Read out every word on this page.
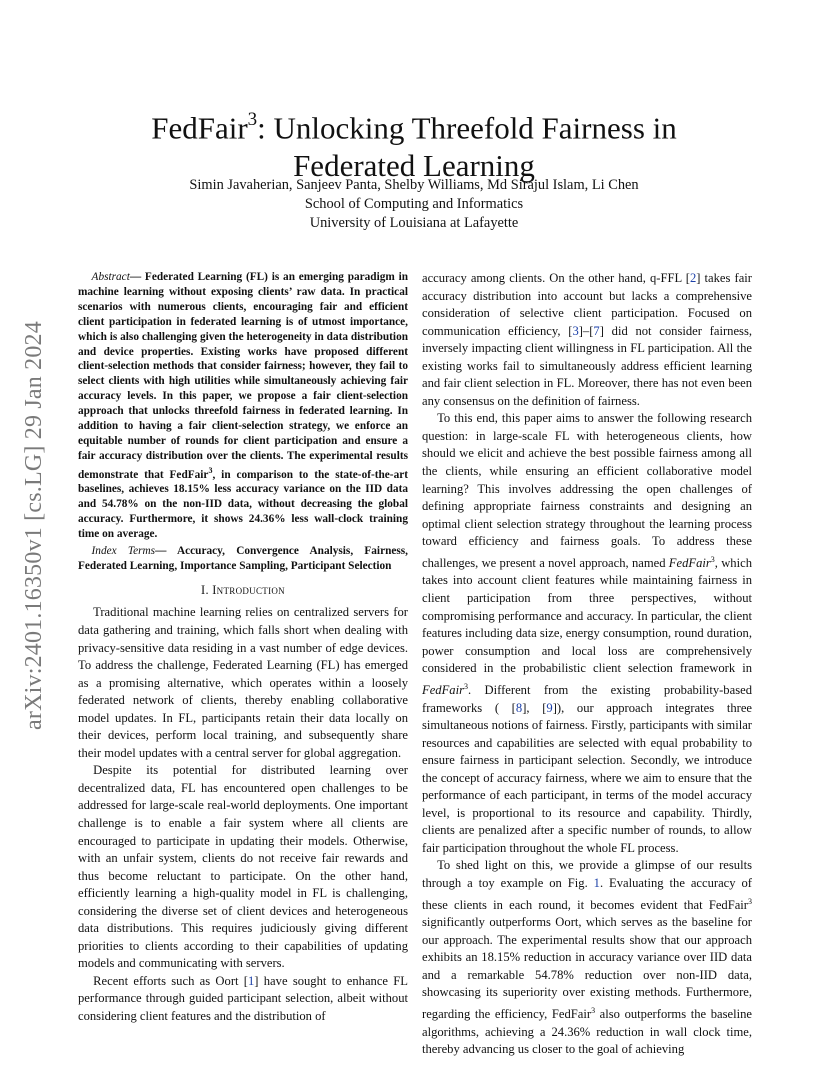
arXiv:2401.16350v1 [cs.LG] 29 Jan 2024
FedFair$^3$: Unlocking Threefold Fairness in
Federated Learning
Simin Javaherian, Sanjeev Panta, Shelby Williams, Md Sirajul Islam, Li Chen
School of Computing and Informatics
University of Louisiana at Lafayette

Abstract— Federated Learning (FL) is an emerging paradigm in machine learning without exposing clients’ raw data. In practical scenarios with numerous clients, encouraging fair and efficient client participation in federated learning is of utmost importance, which is also challenging given the heterogeneity in data distribution and device properties. Existing works have proposed different client-selection methods that consider fairness; however, they fail to select clients with high utilities while simultaneously achieving fair accuracy levels. In this paper, we propose a fair client-selection approach that unlocks threefold fairness in federated learning. In addition to having a fair client-selection strategy, we enforce an equitable number of rounds for client participation and ensure a fair accuracy distribution over the clients. The experimental results demonstrate that FedFair$^3$, in comparison to the state-of-the-art baselines, achieves 18.15% less accuracy variance on the IID data and 54.78% on the non-IID data, without decreasing the global accuracy. Furthermore, it shows 24.36% less wall-clock training time on average.

Index Terms— Accuracy, Convergence Analysis, Fairness, Federated Learning, Importance Sampling, Participant Selection

I. Introduction

Traditional machine learning relies on centralized servers for data gathering and training, which falls short when dealing with privacy-sensitive data residing in a vast number of edge devices. To address the challenge, Federated Learning (FL) has emerged as a promising alternative, which operates within a loosely federated network of clients, thereby enabling collaborative model updates. In FL, participants retain their data locally on their devices, perform local training, and subsequently share their model updates with a central server for global aggregation.

Despite its potential for distributed learning over decentralized data, FL has encountered open challenges to be addressed for large-scale real-world deployments. One important challenge is to enable a fair system where all clients are encouraged to participate in updating their models. Otherwise, with an unfair system, clients do not receive fair rewards and thus become reluctant to participate. On the other hand, efficiently learning a high-quality model in FL is challenging, considering the diverse set of client devices and heterogeneous data distributions. This requires judiciously giving different priorities to clients according to their capabilities of updating models and communicating with servers.

Recent efforts such as Oort [1] have sought to enhance FL performance through guided participant selection, albeit without considering client features and the distribution of

accuracy among clients. On the other hand, q-FFL [2] takes fair accuracy distribution into account but lacks a comprehensive consideration of selective client participation. Focused on communication efficiency, [3]–[7] did not consider fairness, inversely impacting client willingness in FL participation. All the existing works fail to simultaneously address efficient learning and fair client selection in FL. Moreover, there has not even been any consensus on the definition of fairness.

To this end, this paper aims to answer the following research question: in large-scale FL with heterogeneous clients, how should we elicit and achieve the best possible fairness among all the clients, while ensuring an efficient collaborative model learning? This involves addressing the open challenges of defining appropriate fairness constraints and designing an optimal client selection strategy throughout the learning process toward efficiency and fairness goals. To address these challenges, we present a novel approach, named FedFair$^3$, which takes into account client features while maintaining fairness in client participation from three perspectives, without compromising performance and accuracy. In particular, the client features including data size, energy consumption, round duration, power consumption and local loss are comprehensively considered in the probabilistic client selection framework in FedFair$^3$. Different from the existing probability-based frameworks ( [8], [9]), our approach integrates three simultaneous notions of fairness. Firstly, participants with similar resources and capabilities are selected with equal probability to ensure fairness in participant selection. Secondly, we introduce the concept of accuracy fairness, where we aim to ensure that the performance of each participant, in terms of the model accuracy level, is proportional to its resource and capability. Thirdly, clients are penalized after a specific number of rounds, to allow fair participation throughout the whole FL process.

To shed light on this, we provide a glimpse of our results through a toy example on Fig. 1. Evaluating the accuracy of these clients in each round, it becomes evident that FedFair$^3$ significantly outperforms Oort, which serves as the baseline for our approach. The experimental results show that our approach exhibits an 18.15% reduction in accuracy variance over IID data and a remarkable 54.78% reduction over non-IID data, showcasing its superiority over existing methods. Furthermore, regarding the efficiency, FedFair$^3$ also outperforms the baseline algorithms, achieving a 24.36% reduction in wall clock time, thereby advancing us closer to the goal of achieving
